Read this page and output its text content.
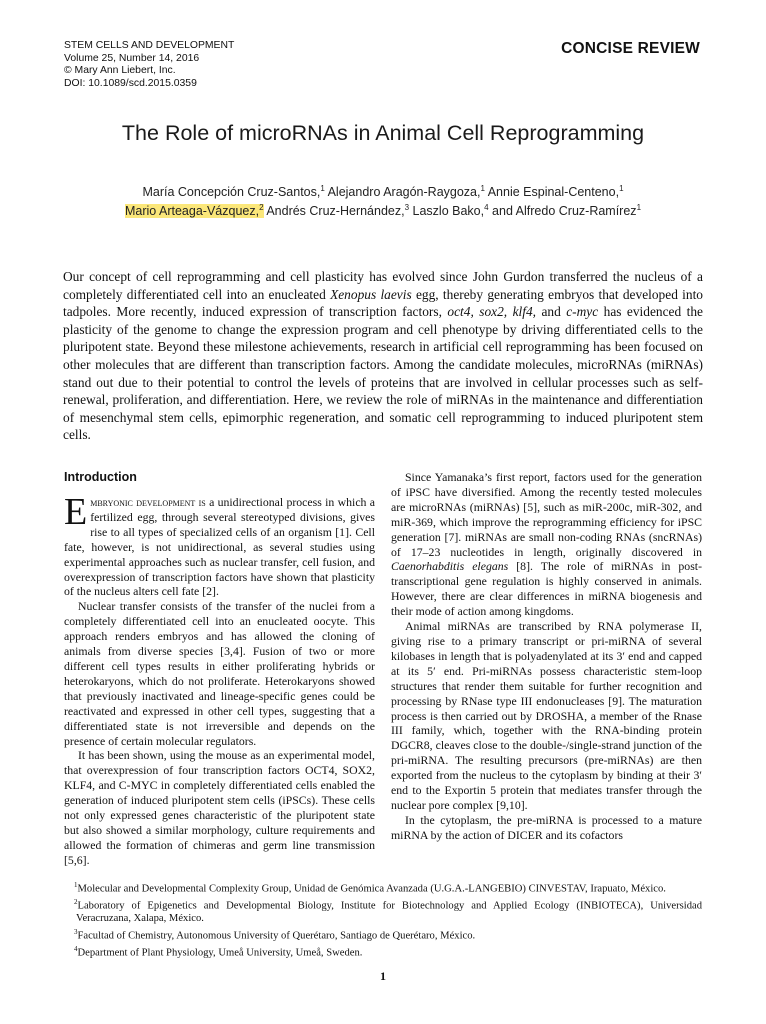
STEM CELLS AND DEVELOPMENT
Volume 25, Number 14, 2016
© Mary Ann Liebert, Inc.
DOI: 10.1089/scd.2015.0359
CONCISE REVIEW
The Role of microRNAs in Animal Cell Reprogramming
María Concepción Cruz-Santos,$^1$ Alejandro Aragón-Raygoza,$^1$ Annie Espinal-Centeno,$^1$
Mario Arteaga-Vázquez,$^2$ Andrés Cruz-Hernández,$^3$ Laszlo Bako,$^4$ and Alfredo Cruz-Ramírez$^1$
Our concept of cell reprogramming and cell plasticity has evolved since John Gurdon transferred the nucleus of a completely differentiated cell into an enucleated Xenopus laevis egg, thereby generating embryos that developed into tadpoles. More recently, induced expression of transcription factors, oct4, sox2, klf4, and c-myc has evidenced the plasticity of the genome to change the expression program and cell phenotype by driving differentiated cells to the pluripotent state. Beyond these milestone achievements, research in artificial cell reprogramming has been focused on other molecules that are different than transcription factors. Among the candidate molecules, microRNAs (miRNAs) stand out due to their potential to control the levels of proteins that are involved in cellular processes such as self-renewal, proliferation, and differentiation. Here, we review the role of miRNAs in the maintenance and differentiation of mesenchymal stem cells, epimorphic regeneration, and somatic cell reprogramming to induced pluripotent stem cells.
Introduction

Embryonic development is a unidirectional process in which a fertilized egg, through several stereotyped divisions, gives rise to all types of specialized cells of an organism [1]. Cell fate, however, is not unidirectional, as several studies using experimental approaches such as nuclear transfer, cell fusion, and overexpression of transcription factors have shown that plasticity of the nucleus alters cell fate [2].

Nuclear transfer consists of the transfer of the nuclei from a completely differentiated cell into an enucleated oocyte. This approach renders embryos and has allowed the cloning of animals from diverse species [3,4]. Fusion of two or more different cell types results in either proliferating hybrids or heterokaryons, which do not proliferate. Heterokaryons showed that previously inactivated and lineage-specific genes could be reactivated and expressed in other cell types, suggesting that a differentiated state is not irreversible and depends on the presence of certain molecular regulators.

It has been shown, using the mouse as an experimental model, that overexpression of four transcription factors OCT4, SOX2, KLF4, and C-MYC in completely differentiated cells enabled the generation of induced pluripotent stem cells (iPSCs). These cells not only expressed genes characteristic of the pluripotent state but also showed a similar morphology, culture requirements and allowed the formation of chimeras and germ line transmission [5,6].

Since Yamanaka’s first report, factors used for the generation of iPSC have diversified. Among the recently tested molecules are microRNAs (miRNAs) [5], such as miR-200c, miR-302, and miR-369, which improve the reprogramming efficiency for iPSC generation [7]. miRNAs are small non-coding RNAs (sncRNAs) of 17–23 nucleotides in length, originally discovered in Caenorhabditis elegans [8]. The role of miRNAs in post-transcriptional gene regulation is highly conserved in animals. However, there are clear differences in miRNA biogenesis and their mode of action among kingdoms.

Animal miRNAs are transcribed by RNA polymerase II, giving rise to a primary transcript or pri-miRNA of several kilobases in length that is polyadenylated at its 3′ end and capped at its 5′ end. Pri-miRNAs possess characteristic stem-loop structures that render them suitable for further recognition and processing by RNase type III endonucleases [9]. The maturation process is then carried out by DROSHA, a member of the Rnase III family, which, together with the RNA-binding protein DGCR8, cleaves close to the double-/single-strand junction of the pri-miRNA. The resulting precursors (pre-miRNAs) are then exported from the nucleus to the cytoplasm by binding at their 3′ end to the Exportin 5 protein that mediates transfer through the nuclear pore complex [9,10].

In the cytoplasm, the pre-miRNA is processed to a mature miRNA by the action of DICER and its cofactors

$^1$Molecular and Developmental Complexity Group, Unidad de Genómica Avanzada (U.G.A.-LANGEBIO) CINVESTAV, Irapuato, México.

$^2$Laboratory of Epigenetics and Developmental Biology, Institute for Biotechnology and Applied Ecology (INBIOTECA), Universidad Veracruzana, Xalapa, México.

$^3$Facultad of Chemistry, Autonomous University of Querétaro, Santiago de Querétaro, México.

$^4$Department of Plant Physiology, Umeå University, Umeå, Sweden.

1
